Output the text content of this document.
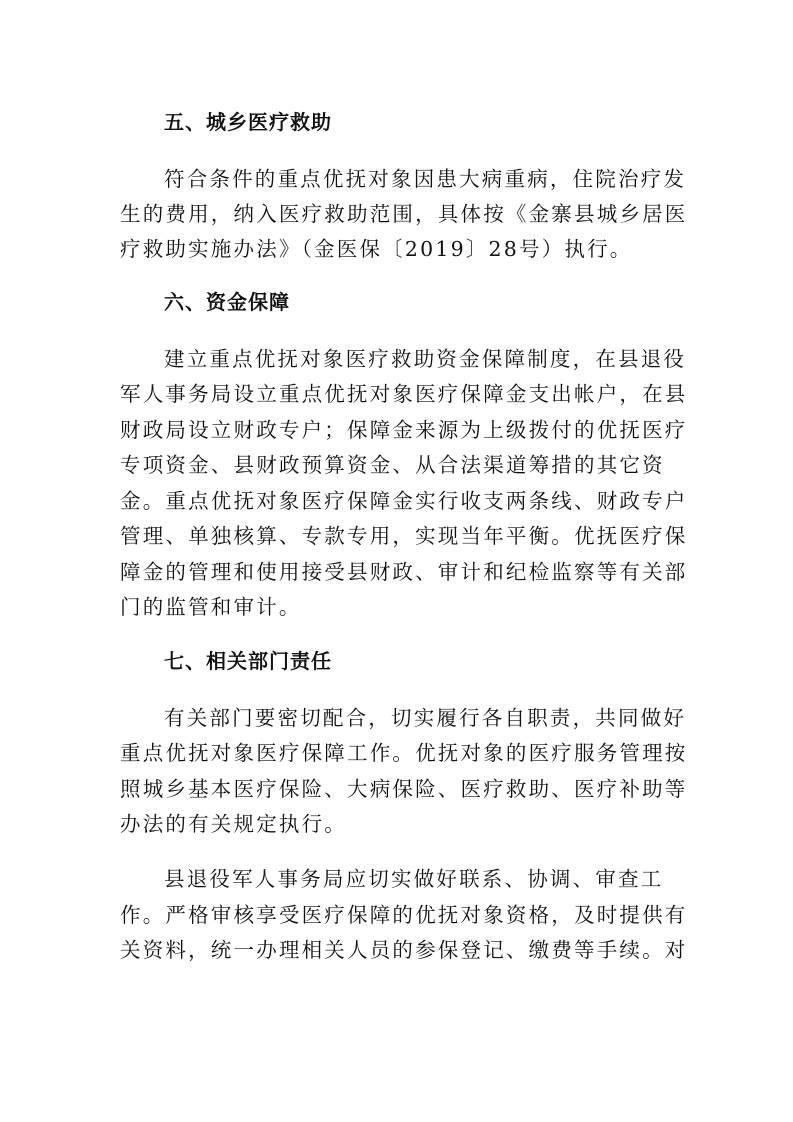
五、城乡医疗救助
符合条件的重点优抚对象因患大病重病，住院治疗发
生的费用，纳入医疗救助范围，具体按《金寨县城乡居医
疗救助实施办法》（金医保〔2019〕28号）执行。
六、资金保障
建立重点优抚对象医疗救助资金保障制度，在县退役
军人事务局设立重点优抚对象医疗保障金支出帐户，在县
财政局设立财政专户；保障金来源为上级拨付的优抚医疗
专项资金、县财政预算资金、从合法渠道筹措的其它资
金。重点优抚对象医疗保障金实行收支两条线、财政专户
管理、单独核算、专款专用，实现当年平衡。优抚医疗保
障金的管理和使用接受县财政、审计和纪检监察等有关部
门的监管和审计。
七、相关部门责任
有关部门要密切配合，切实履行各自职责，共同做好
重点优抚对象医疗保障工作。优抚对象的医疗服务管理按
照城乡基本医疗保险、大病保险、医疗救助、医疗补助等
办法的有关规定执行。
县退役军人事务局应切实做好联系、协调、审查工
作。严格审核享受医疗保障的优抚对象资格，及时提供有
关资料，统一办理相关人员的参保登记、缴费等手续。对
